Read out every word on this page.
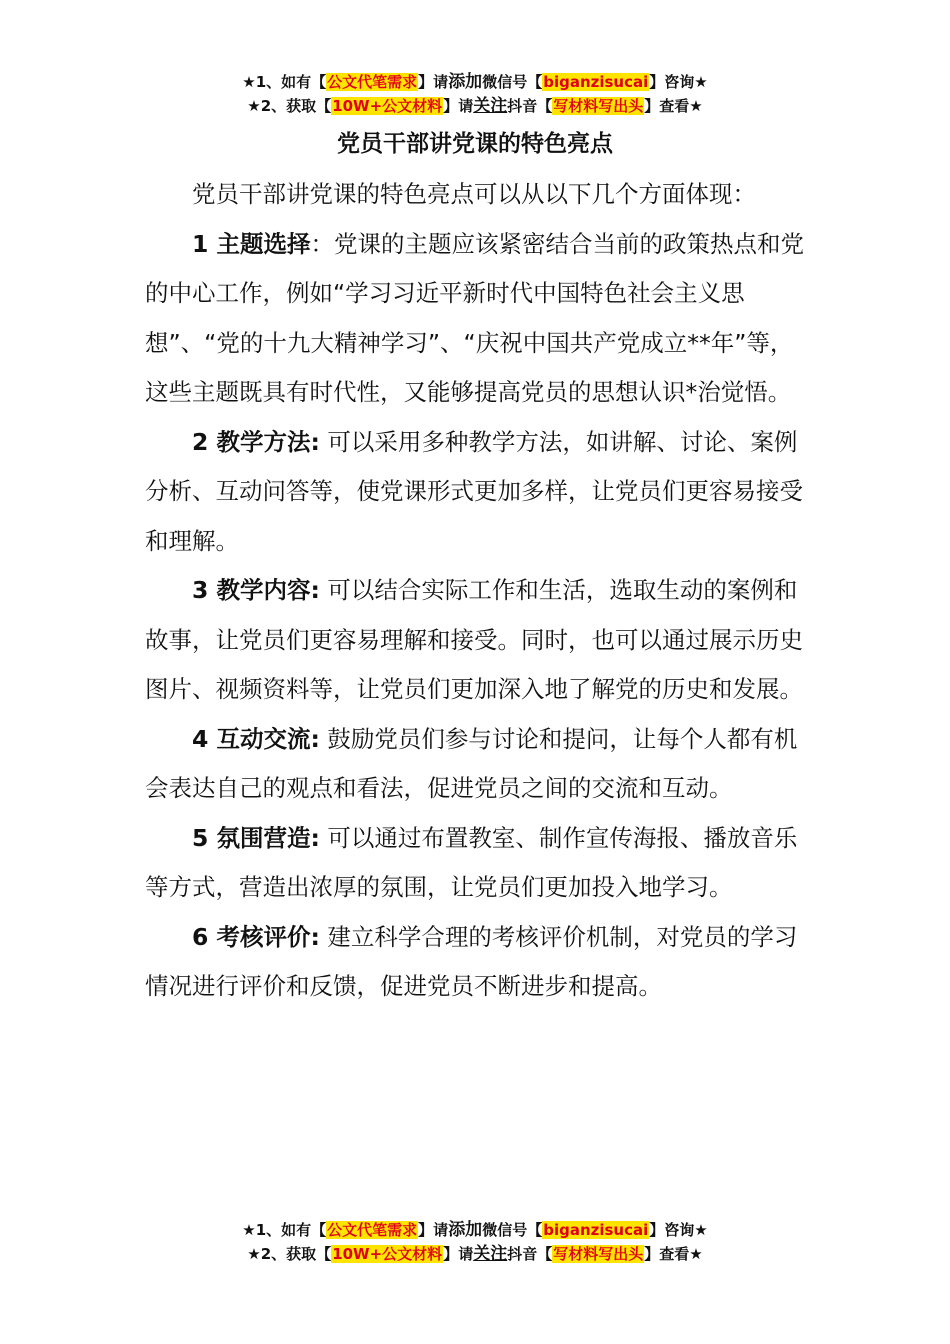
★1、如有【公文代笔需求】请添加微信号【biganzisucai】咨询★
★2、获取【10W+公文材料】请关注抖音【写材料写出头】查看★
党员干部讲党课的特色亮点

党员干部讲党课的特色亮点可以从以下几个方面体现：

1 主题选择：党课的主题应该紧密结合当前的政策热点和党的中心工作，例如“学习习近平新时代中国特色社会主义思想”、“党的十九大精神学习”、“庆祝中国共产党成立**年”等，这些主题既具有时代性，又能够提高党员的思想认识*治觉悟。

2 教学方法: 可以采用多种教学方法，如讲解、讨论、案例分析、互动问答等，使党课形式更加多样，让党员们更容易接受和理解。

3 教学内容: 可以结合实际工作和生活，选取生动的案例和故事，让党员们更容易理解和接受。同时，也可以通过展示历史图片、视频资料等，让党员们更加深入地了解党的历史和发展。

4 互动交流: 鼓励党员们参与讨论和提问，让每个人都有机会表达自己的观点和看法，促进党员之间的交流和互动。

5 氛围营造: 可以通过布置教室、制作宣传海报、播放音乐等方式，营造出浓厚的氛围，让党员们更加投入地学习。

6 考核评价: 建立科学合理的考核评价机制，对党员的学习情况进行评价和反馈，促进党员不断进步和提高。

★1、如有【公文代笔需求】请添加微信号【biganzisucai】咨询★
★2、获取【10W+公文材料】请关注抖音【写材料写出头】查看★
